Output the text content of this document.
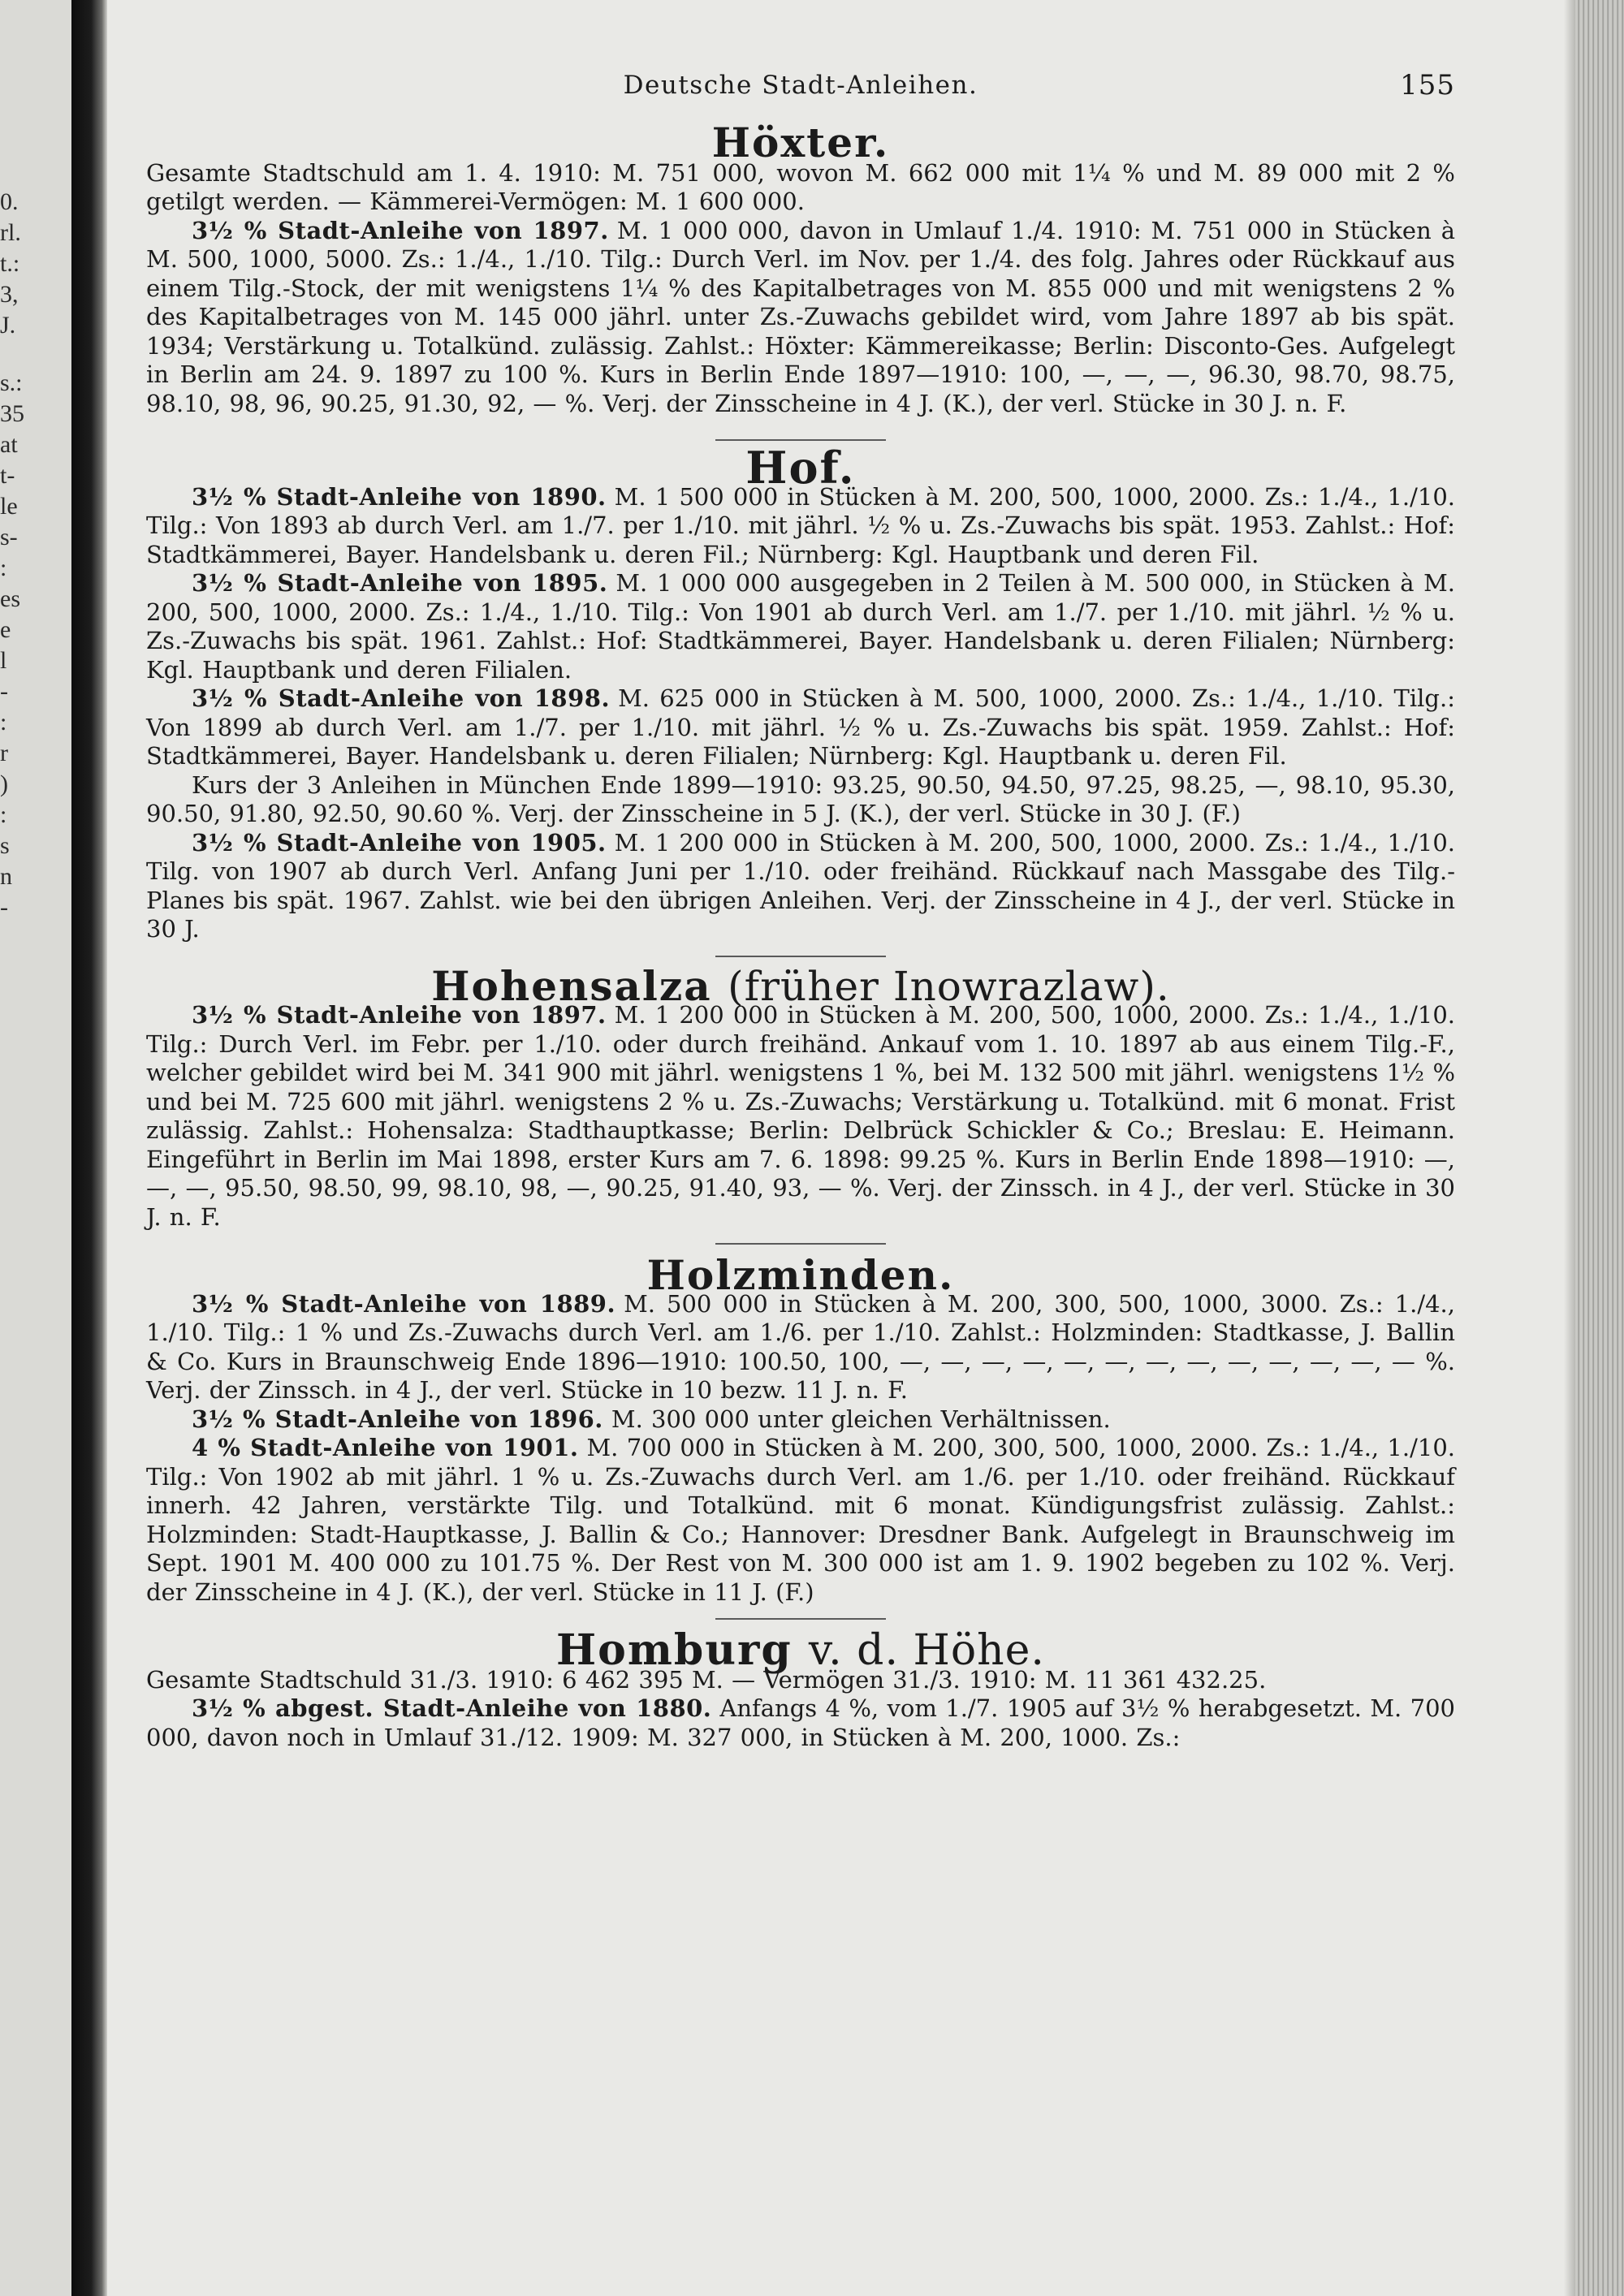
0.
rl.
t.:
3,
J.
s.:
35
at
t-
le
s-
:
es
e
l
-
:
r
)
:
s
n
-
Deutsche Stadt-Anleihen.	155
Höxter.

Gesamte Stadtschuld am 1. 4. 1910: M. 751 000, wovon M. 662 000 mit 1¼ % und M. 89 000 mit 2 % getilgt werden. — Kämmerei-Vermögen: M. 1 600 000.

3½ % Stadt-Anleihe von 1897. M. 1 000 000, davon in Umlauf 1./4. 1910: M. 751 000 in Stücken à M. 500, 1000, 5000. Zs.: 1./4., 1./10. Tilg.: Durch Verl. im Nov. per 1./4. des folg. Jahres oder Rückkauf aus einem Tilg.-Stock, der mit wenigstens 1¼ % des Kapitalbetrages von M. 855 000 und mit wenigstens 2 % des Kapitalbetrages von M. 145 000 jährl. unter Zs.-Zuwachs gebildet wird, vom Jahre 1897 ab bis spät. 1934; Verstärkung u. Totalkünd. zulässig. Zahlst.: Höxter: Kämmereikasse; Berlin: Disconto-Ges. Aufgelegt in Berlin am 24. 9. 1897 zu 100 %. Kurs in Berlin Ende 1897—1910: 100, —, —, —, 96.30, 98.70, 98.75, 98.10, 98, 96, 90.25, 91.30, 92, — %. Verj. der Zinsscheine in 4 J. (K.), der verl. Stücke in 30 J. n. F.

Hof.

3½ % Stadt-Anleihe von 1890. M. 1 500 000 in Stücken à M. 200, 500, 1000, 2000. Zs.: 1./4., 1./10. Tilg.: Von 1893 ab durch Verl. am 1./7. per 1./10. mit jährl. ½ % u. Zs.-Zuwachs bis spät. 1953. Zahlst.: Hof: Stadtkämmerei, Bayer. Handelsbank u. deren Fil.; Nürnberg: Kgl. Hauptbank und deren Fil.

3½ % Stadt-Anleihe von 1895. M. 1 000 000 ausgegeben in 2 Teilen à M. 500 000, in Stücken à M. 200, 500, 1000, 2000. Zs.: 1./4., 1./10. Tilg.: Von 1901 ab durch Verl. am 1./7. per 1./10. mit jährl. ½ % u. Zs.-Zuwachs bis spät. 1961. Zahlst.: Hof: Stadtkämmerei, Bayer. Handelsbank u. deren Filialen; Nürnberg: Kgl. Hauptbank und deren Filialen.

3½ % Stadt-Anleihe von 1898. M. 625 000 in Stücken à M. 500, 1000, 2000. Zs.: 1./4., 1./10. Tilg.: Von 1899 ab durch Verl. am 1./7. per 1./10. mit jährl. ½ % u. Zs.-Zuwachs bis spät. 1959. Zahlst.: Hof: Stadtkämmerei, Bayer. Handelsbank u. deren Filialen; Nürnberg: Kgl. Hauptbank u. deren Fil.

Kurs der 3 Anleihen in München Ende 1899—1910: 93.25, 90.50, 94.50, 97.25, 98.25, —, 98.10, 95.30, 90.50, 91.80, 92.50, 90.60 %. Verj. der Zinsscheine in 5 J. (K.), der verl. Stücke in 30 J. (F.)

3½ % Stadt-Anleihe von 1905. M. 1 200 000 in Stücken à M. 200, 500, 1000, 2000. Zs.: 1./4., 1./10. Tilg. von 1907 ab durch Verl. Anfang Juni per 1./10. oder freihänd. Rückkauf nach Massgabe des Tilg.-Planes bis spät. 1967. Zahlst. wie bei den übrigen Anleihen. Verj. der Zinsscheine in 4 J., der verl. Stücke in 30 J.

Hohensalza (früher Inowrazlaw).

3½ % Stadt-Anleihe von 1897. M. 1 200 000 in Stücken à M. 200, 500, 1000, 2000. Zs.: 1./4., 1./10. Tilg.: Durch Verl. im Febr. per 1./10. oder durch freihänd. Ankauf vom 1. 10. 1897 ab aus einem Tilg.-F., welcher gebildet wird bei M. 341 900 mit jährl. wenigstens 1 %, bei M. 132 500 mit jährl. wenigstens 1½ % und bei M. 725 600 mit jährl. wenigstens 2 % u. Zs.-Zuwachs; Verstärkung u. Totalkünd. mit 6 monat. Frist zulässig. Zahlst.: Hohensalza: Stadthauptkasse; Berlin: Delbrück Schickler & Co.; Breslau: E. Heimann. Eingeführt in Berlin im Mai 1898, erster Kurs am 7. 6. 1898: 99.25 %. Kurs in Berlin Ende 1898—1910: —, —, —, 95.50, 98.50, 99, 98.10, 98, —, 90.25, 91.40, 93, — %. Verj. der Zinssch. in 4 J., der verl. Stücke in 30 J. n. F.

Holzminden.

3½ % Stadt-Anleihe von 1889. M. 500 000 in Stücken à M. 200, 300, 500, 1000, 3000. Zs.: 1./4., 1./10. Tilg.: 1 % und Zs.-Zuwachs durch Verl. am 1./6. per 1./10. Zahlst.: Holzminden: Stadtkasse, J. Ballin & Co. Kurs in Braunschweig Ende 1896—1910: 100.50, 100, —, —, —, —, —, —, —, —, —, —, —, —, — %. Verj. der Zinssch. in 4 J., der verl. Stücke in 10 bezw. 11 J. n. F.

3½ % Stadt-Anleihe von 1896. M. 300 000 unter gleichen Verhältnissen.

4 % Stadt-Anleihe von 1901. M. 700 000 in Stücken à M. 200, 300, 500, 1000, 2000. Zs.: 1./4., 1./10. Tilg.: Von 1902 ab mit jährl. 1 % u. Zs.-Zuwachs durch Verl. am 1./6. per 1./10. oder freihänd. Rückkauf innerh. 42 Jahren, verstärkte Tilg. und Totalkünd. mit 6 monat. Kündigungsfrist zulässig. Zahlst.: Holzminden: Stadt-Hauptkasse, J. Ballin & Co.; Hannover: Dresdner Bank. Aufgelegt in Braunschweig im Sept. 1901 M. 400 000 zu 101.75 %. Der Rest von M. 300 000 ist am 1. 9. 1902 begeben zu 102 %. Verj. der Zinsscheine in 4 J. (K.), der verl. Stücke in 11 J. (F.)

Homburg v. d. Höhe.

Gesamte Stadtschuld 31./3. 1910: 6 462 395 M. — Vermögen 31./3. 1910: M. 11 361 432.25.

3½ % abgest. Stadt-Anleihe von 1880. Anfangs 4 %, vom 1./7. 1905 auf 3½ % herabgesetzt. M. 700 000, davon noch in Umlauf 31./12. 1909: M. 327 000, in Stücken à M. 200, 1000. Zs.:
